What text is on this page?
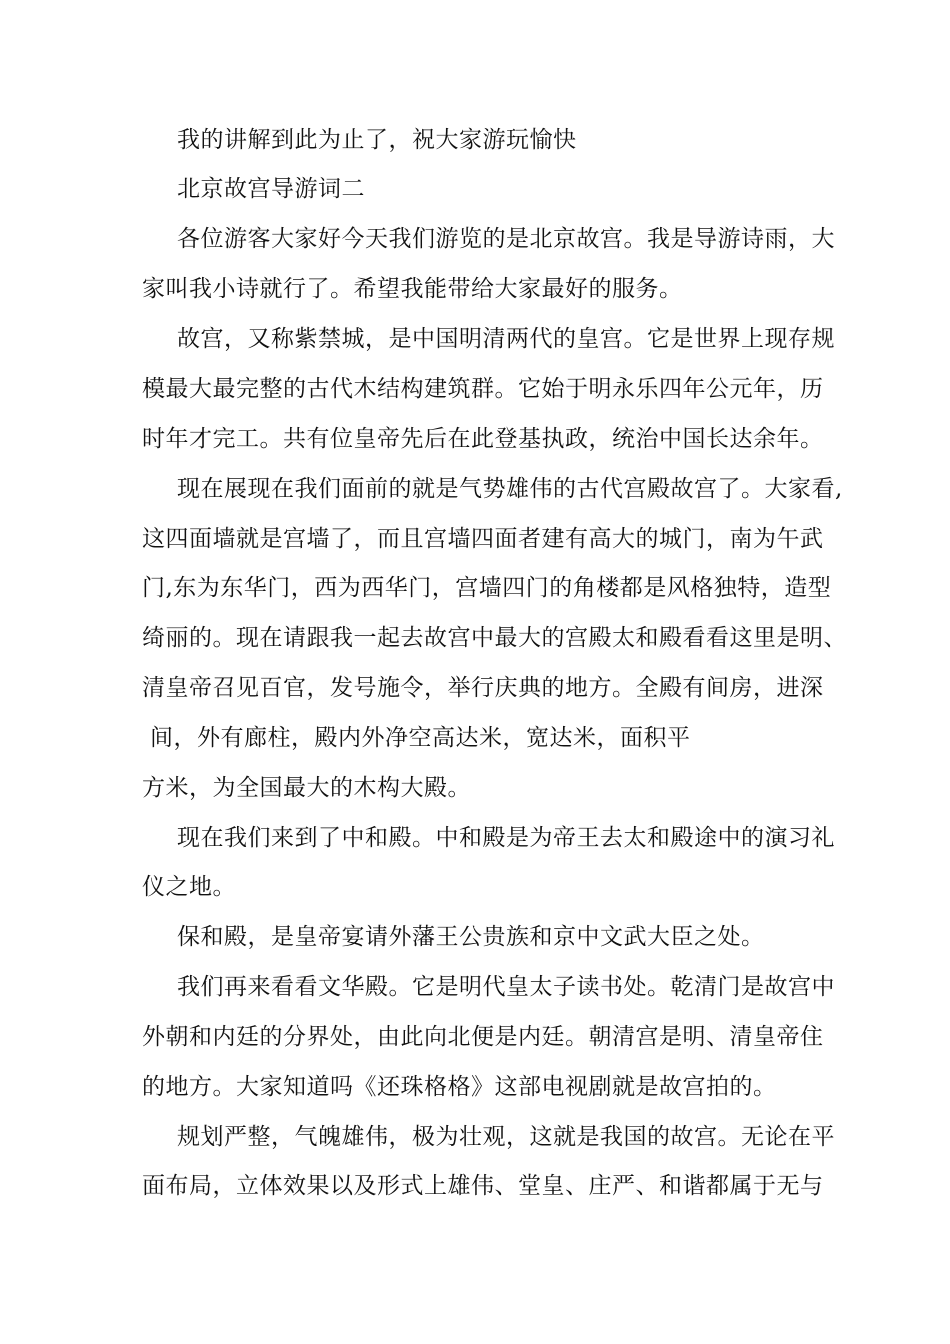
我的讲解到此为止了，祝大家游玩愉快
北京故宫导游词二
各位游客大家好今天我们游览的是北京故宫。我是导游诗雨，大
家叫我小诗就行了。希望我能带给大家最好的服务。
故宫，又称紫禁城，是中国明清两代的皇宫。它是世界上现存规
模最大最完整的古代木结构建筑群。它始于明永乐四年公元年，历
时年才完工。共有位皇帝先后在此登基执政，统治中国长达余年。
现在展现在我们面前的就是气势雄伟的古代宫殿故宫了。大家看,
这四面墙就是宫墙了，而且宫墙四面者建有高大的城门，南为午武
门,东为东华门，西为西华门，宫墙四门的角楼都是风格独特，造型
绮丽的。现在请跟我一起去故宫中最大的宫殿太和殿看看这里是明、
清皇帝召见百官，发号施令，举行庆典的地方。全殿有间房，进深
间，外有廊柱，殿内外净空高达米，宽达米，面积平
方米，为全国最大的木构大殿。
现在我们来到了中和殿。中和殿是为帝王去太和殿途中的演习礼
仪之地。
保和殿，是皇帝宴请外藩王公贵族和京中文武大臣之处。
我们再来看看文华殿。它是明代皇太子读书处。乾清门是故宫中
外朝和内廷的分界处，由此向北便是内廷。朝清宫是明、清皇帝住
的地方。大家知道吗《还珠格格》这部电视剧就是故宫拍的。
规划严整，气魄雄伟，极为壮观，这就是我国的故宫。无论在平
面布局，立体效果以及形式上雄伟、堂皇、庄严、和谐都属于无与
